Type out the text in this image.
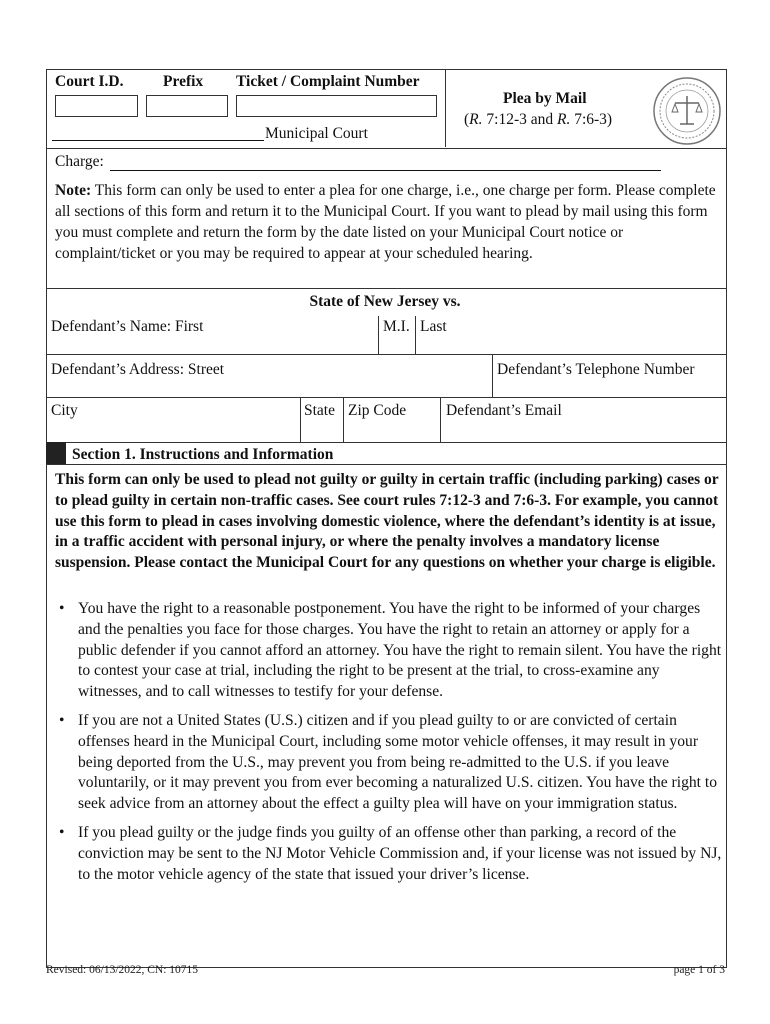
Court I.D.	Prefix Ticket / Complaint Number
Municipal Court
Plea by Mail
(R. 7:12-3 and R. 7:6-3)
Charge:
Note: This form can only be used to enter a plea for one charge, i.e., one charge per form. Please complete all sections of this form and return it to the Municipal Court. If you want to plead by mail using this form you must complete and return the form by the date listed on your Municipal Court notice or complaint/ticket or you may be required to appear at your scheduled hearing.
State of New Jersey vs.
Defendant’s Name: First	M.I. Last
Defendant’s Address: Street	Defendant’s Telephone Number
City	State Zip Code	Defendant’s Email
Section 1. Instructions and Information
This form can only be used to plead not guilty or guilty in certain traffic (including parking) cases or to plead guilty in certain non-traffic cases. See court rules 7:12-3 and 7:6-3. For example, you cannot use this form to plead in cases involving domestic violence, where the defendant’s identity is at issue, in a traffic accident with personal injury, or where the penalty involves a mandatory license suspension. Please contact the Municipal Court for any questions on whether your charge is eligible.
• You have the right to a reasonable postponement. You have the right to be informed of your charges and the penalties you face for those charges. You have the right to retain an attorney or apply for a public defender if you cannot afford an attorney. You have the right to remain silent. You have the right to contest your case at trial, including the right to be present at the trial, to cross-examine any witnesses, and to call witnesses to testify for your defense.
• If you are not a United States (U.S.) citizen and if you plead guilty to or are convicted of certain offenses heard in the Municipal Court, including some motor vehicle offenses, it may result in your being deported from the U.S., may prevent you from being re-admitted to the U.S. if you leave voluntarily, or it may prevent you from ever becoming a naturalized U.S. citizen. You have the right to seek advice from an attorney about the effect a guilty plea will have on your immigration status.
• If you plead guilty or the judge finds you guilty of an offense other than parking, a record of the conviction may be sent to the NJ Motor Vehicle Commission and, if your license was not issued by NJ, to the motor vehicle agency of the state that issued your driver’s license.
Revised: 06/13/2022, CN: 10715	page 1 of 3
